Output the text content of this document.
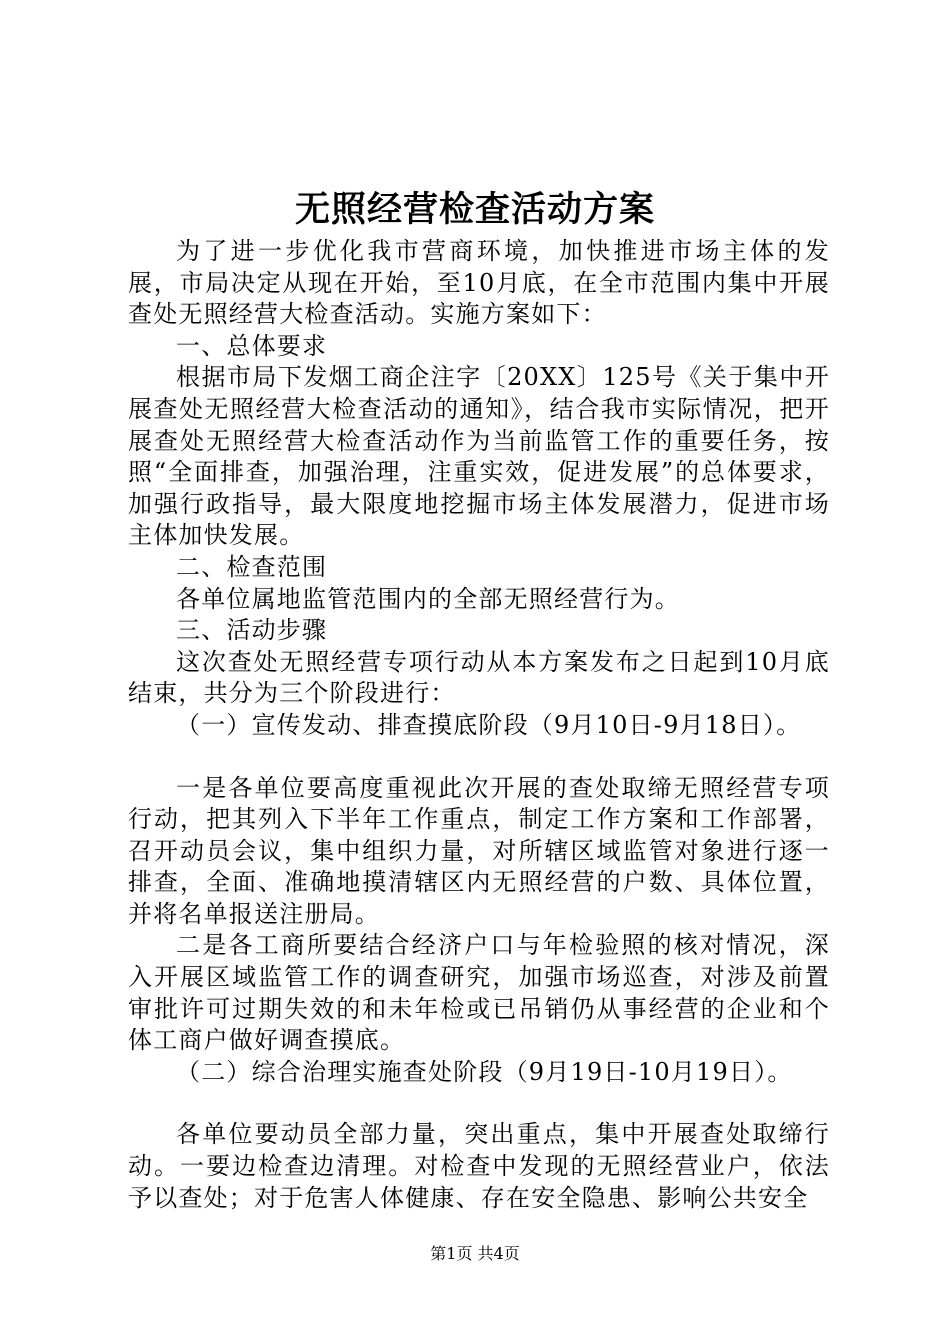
无照经营检查活动方案

为了进一步优化我市营商环境，加快推进市场主体的发展，市局决定从现在开始，至10月底，在全市范围内集中开展查处无照经营大检查活动。实施方案如下：

一、总体要求

根据市局下发烟工商企注字〔20XX〕125号《关于集中开展查处无照经营大检查活动的通知》，结合我市实际情况，把开展查处无照经营大检查活动作为当前监管工作的重要任务，按照“全面排查，加强治理，注重实效，促进发展”的总体要求，加强行政指导，最大限度地挖掘市场主体发展潜力，促进市场主体加快发展。

二、检查范围

各单位属地监管范围内的全部无照经营行为。

三、活动步骤

这次查处无照经营专项行动从本方案发布之日起到10月底结束，共分为三个阶段进行：

（一）宣传发动、排查摸底阶段（9月10日-9月18日）。

一是各单位要高度重视此次开展的查处取缔无照经营专项行动，把其列入下半年工作重点，制定工作方案和工作部署，召开动员会议，集中组织力量，对所辖区域监管对象进行逐一排查，全面、准确地摸清辖区内无照经营的户数、具体位置，并将名单报送注册局。

二是各工商所要结合经济户口与年检验照的核对情况，深入开展区域监管工作的调查研究，加强市场巡查，对涉及前置审批许可过期失效的和未年检或已吊销仍从事经营的企业和个体工商户做好调查摸底。

（二）综合治理实施查处阶段（9月19日-10月19日）。

各单位要动员全部力量，突出重点，集中开展查处取缔行动。一要边检查边清理。对检查中发现的无照经营业户，依法予以查处；对于危害人体健康、存在安全隐患、影响公共安全

第1页 共4页
